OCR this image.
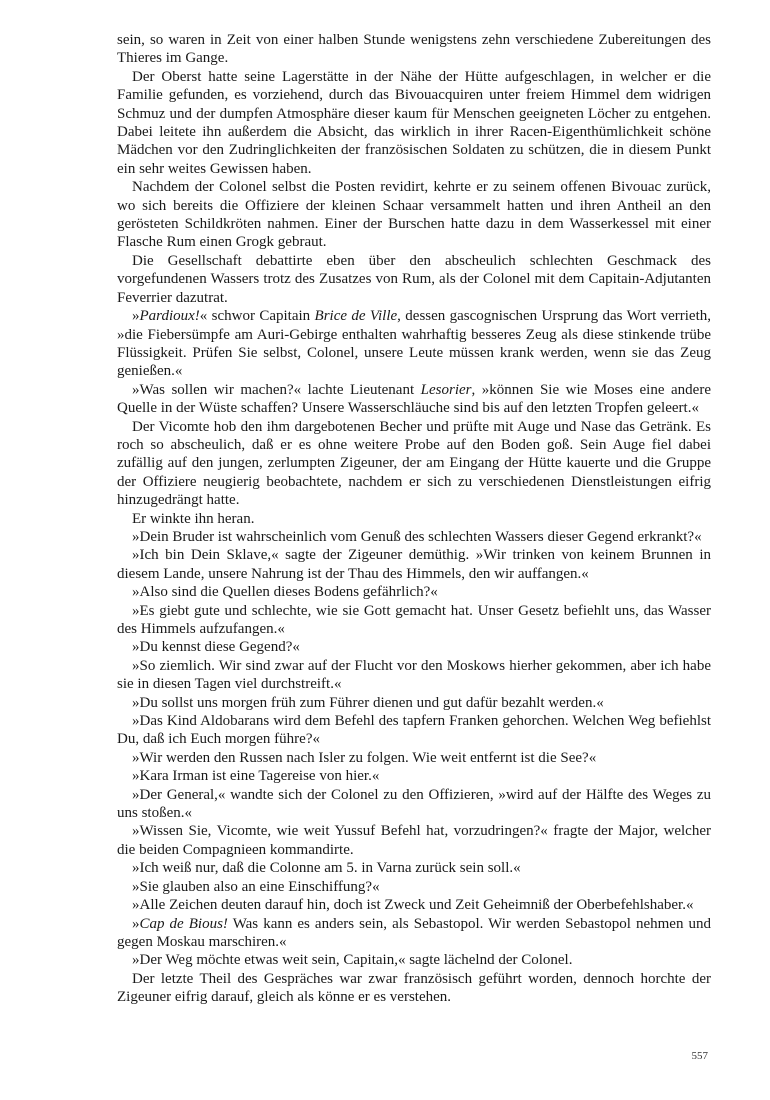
sein, so waren in Zeit von einer halben Stunde wenigstens zehn verschiedene Zubereitungen des Thieres im Gange.

Der Oberst hatte seine Lagerstätte in der Nähe der Hütte aufgeschlagen, in welcher er die Familie gefunden, es vorziehend, durch das Bivouacquiren unter freiem Himmel dem widrigen Schmuz und der dumpfen Atmosphäre dieser kaum für Menschen geeigneten Löcher zu entgehen. Dabei leitete ihn außerdem die Absicht, das wirklich in ihrer Racen-Eigenthümlichkeit schöne Mädchen vor den Zudringlichkeiten der französischen Soldaten zu schützen, die in diesem Punkt ein sehr weites Gewissen haben.

Nachdem der Colonel selbst die Posten revidirt, kehrte er zu seinem offenen Bivouac zurück, wo sich bereits die Offiziere der kleinen Schaar versammelt hatten und ihren Antheil an den gerösteten Schildkröten nahmen. Einer der Burschen hatte dazu in dem Wasserkessel mit einer Flasche Rum einen Grogk gebraut.

Die Gesellschaft debattirte eben über den abscheulich schlechten Geschmack des vorgefundenen Wassers trotz des Zusatzes von Rum, als der Colonel mit dem Capitain-Adjutanten Feverrier dazutrat.

»Pardioux!« schwor Capitain Brice de Ville, dessen gascognischen Ursprung das Wort verrieth, »die Fiebersümpfe am Auri-Gebirge enthalten wahrhaftig besseres Zeug als diese stinkende trübe Flüssigkeit. Prüfen Sie selbst, Colonel, unsere Leute müssen krank werden, wenn sie das Zeug genießen.«

»Was sollen wir machen?« lachte Lieutenant Lesorier, »können Sie wie Moses eine andere Quelle in der Wüste schaffen? Unsere Wasserschläuche sind bis auf den letzten Tropfen geleert.«

Der Vicomte hob den ihm dargebotenen Becher und prüfte mit Auge und Nase das Getränk. Es roch so abscheulich, daß er es ohne weitere Probe auf den Boden goß. Sein Auge fiel dabei zufällig auf den jungen, zerlumpten Zigeuner, der am Eingang der Hütte kauerte und die Gruppe der Offiziere neugierig beobachtete, nachdem er sich zu verschiedenen Dienstleistungen eifrig hinzugedrängt hatte.

Er winkte ihn heran.

»Dein Bruder ist wahrscheinlich vom Genuß des schlechten Wassers dieser Gegend erkrankt?«

»Ich bin Dein Sklave,« sagte der Zigeuner demüthig. »Wir trinken von keinem Brunnen in diesem Lande, unsere Nahrung ist der Thau des Himmels, den wir auffangen.«

»Also sind die Quellen dieses Bodens gefährlich?«

»Es giebt gute und schlechte, wie sie Gott gemacht hat. Unser Gesetz befiehlt uns, das Wasser des Himmels aufzufangen.«

»Du kennst diese Gegend?«

»So ziemlich. Wir sind zwar auf der Flucht vor den Moskows hierher gekommen, aber ich habe sie in diesen Tagen viel durchstreift.«

»Du sollst uns morgen früh zum Führer dienen und gut dafür bezahlt werden.«

»Das Kind Aldobarans wird dem Befehl des tapfern Franken gehorchen. Welchen Weg befiehlst Du, daß ich Euch morgen führe?«

»Wir werden den Russen nach Isler zu folgen. Wie weit entfernt ist die See?«

»Kara Irman ist eine Tagereise von hier.«

»Der General,« wandte sich der Colonel zu den Offizieren, »wird auf der Hälfte des Weges zu uns stoßen.«

»Wissen Sie, Vicomte, wie weit Yussuf Befehl hat, vorzudringen?« fragte der Major, welcher die beiden Compagnieen kommandirte.

»Ich weiß nur, daß die Colonne am 5. in Varna zurück sein soll.«

»Sie glauben also an eine Einschiffung?«

»Alle Zeichen deuten darauf hin, doch ist Zweck und Zeit Geheimniß der Oberbefehlshaber.«

»Cap de Bious! Was kann es anders sein, als Sebastopol. Wir werden Sebastopol nehmen und gegen Moskau marschiren.«

»Der Weg möchte etwas weit sein, Capitain,« sagte lächelnd der Colonel.

Der letzte Theil des Gespräches war zwar französisch geführt worden, dennoch horchte der Zigeuner eifrig darauf, gleich als könne er es verstehen.

557
